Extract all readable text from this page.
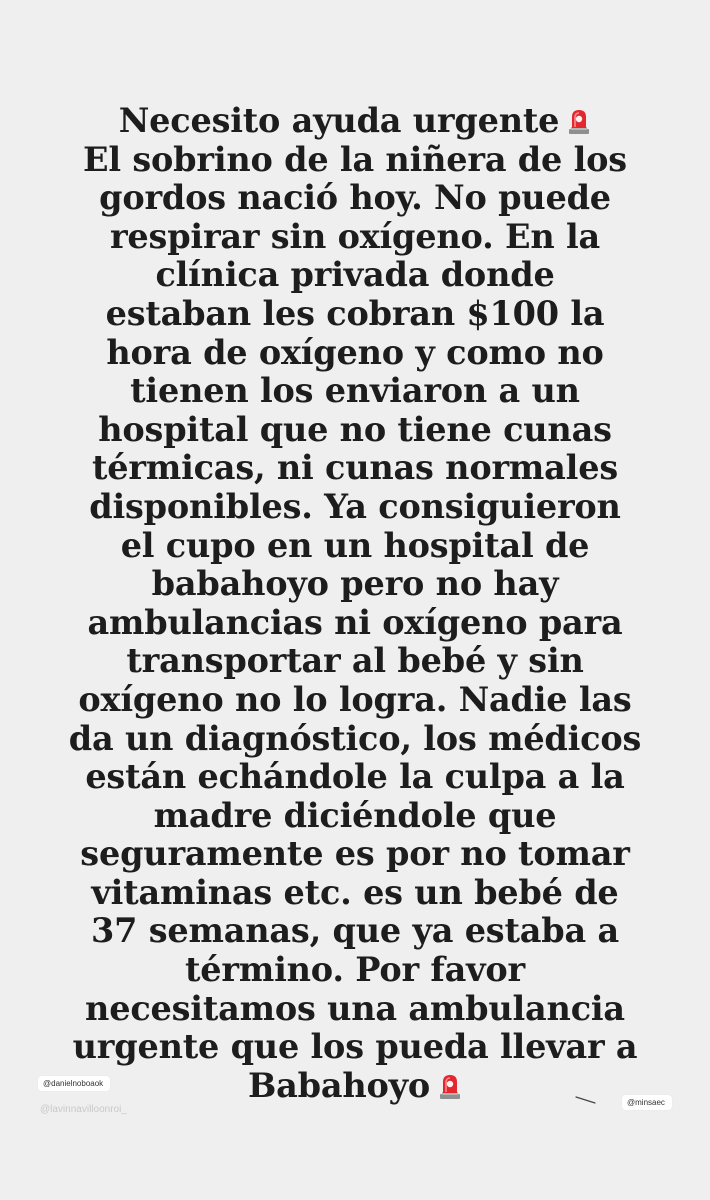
Necesito ayuda urgente
El sobrino de la niñera de los
gordos nació hoy. No puede
respirar sin oxígeno. En la
clínica privada donde
estaban les cobran $100 la
hora de oxígeno y como no
tienen los enviaron a un
hospital que no tiene cunas
térmicas, ni cunas normales
disponibles. Ya consiguieron
el cupo en un hospital de
babahoyo pero no hay
ambulancias ni oxígeno para
transportar al bebé y sin
oxígeno no lo logra. Nadie las
da un diagnóstico, los médicos
están echándole la culpa a la
madre diciéndole que
seguramente es por no tomar
vitaminas etc. es un bebé de
37 semanas, que ya estaba a
término. Por favor
necesitamos una ambulancia
urgente que los pueda llevar a
Babahoyo
@danielnoboaok
@lavinnavilloonroi_
@minsaec
